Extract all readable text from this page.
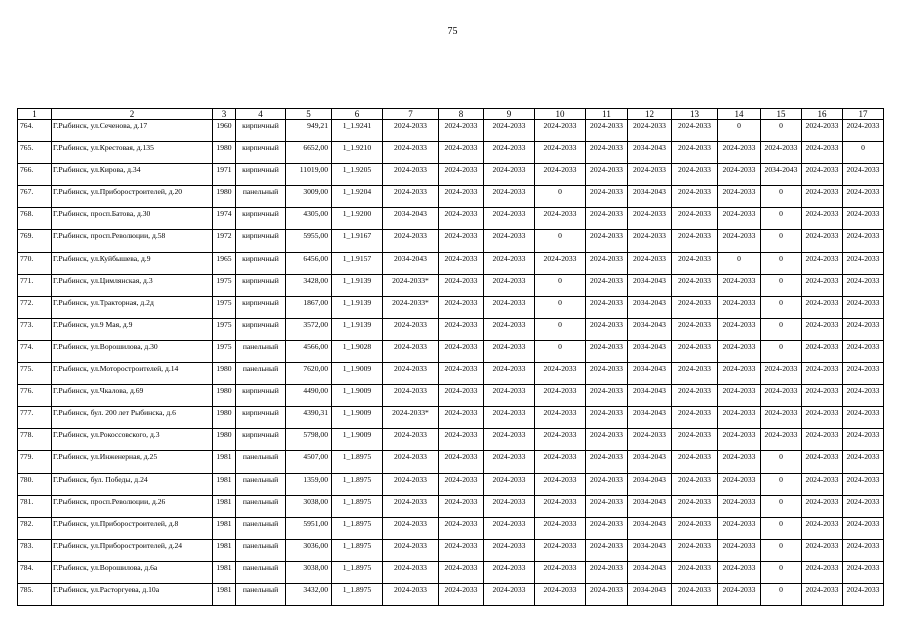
75
1	2	3	4	5	6	7	8	9	10	11	12	13	14	15	16	17
764.	Г.Рыбинск, ул.Сеченова, д.17	1960	кирпичный	949,21	1_1.9241	2024-2033	2024-2033	2024-2033	2024-2033	2024-2033	2024-2033	2024-2033	0	0	2024-2033	2024-2033
765.	Г.Рыбинск, ул.Крестовая, д.135	1980	кирпичный	6652,00	1_1.9210	2024-2033	2024-2033	2024-2033	2024-2033	2024-2033	2034-2043	2024-2033	2024-2033	2024-2033	2024-2033	0
766.	Г.Рыбинск, ул.Кирова, д.34	1971	кирпичный	11019,00	1_1.9205	2024-2033	2024-2033	2024-2033	2024-2033	2024-2033	2024-2033	2024-2033	2024-2033	2034-2043	2024-2033	2024-2033
767.	Г.Рыбинск, ул.Приборостроителей, д.20	1980	панельный	3009,00	1_1.9204	2024-2033	2024-2033	2024-2033	0	2024-2033	2034-2043	2024-2033	2024-2033	0	2024-2033	2024-2033
768.	Г.Рыбинск, просп.Батова, д.30	1974	кирпичный	4305,00	1_1.9200	2034-2043	2024-2033	2024-2033	2024-2033	2024-2033	2024-2033	2024-2033	2024-2033	0	2024-2033	2024-2033
769.	Г.Рыбинск, просп.Революции, д.58	1972	кирпичный	5955,00	1_1.9167	2024-2033	2024-2033	2024-2033	0	2024-2033	2024-2033	2024-2033	2024-2033	0	2024-2033	2024-2033
770.	Г.Рыбинск, ул.Куйбышева, д.9	1965	кирпичный	6456,00	1_1.9157	2034-2043	2024-2033	2024-2033	2024-2033	2024-2033	2024-2033	2024-2033	0	0	2024-2033	2024-2033
771.	Г.Рыбинск, ул.Цимлянская, д.3	1975	кирпичный	3428,00	1_1.9139	2024-2033*	2024-2033	2024-2033	0	2024-2033	2034-2043	2024-2033	2024-2033	0	2024-2033	2024-2033
772.	Г.Рыбинск, ул.Тракторная, д.2д	1975	кирпичный	1867,00	1_1.9139	2024-2033*	2024-2033	2024-2033	0	2024-2033	2034-2043	2024-2033	2024-2033	0	2024-2033	2024-2033
773.	Г.Рыбинск, ул.9 Мая, д.9	1975	кирпичный	3572,00	1_1.9139	2024-2033	2024-2033	2024-2033	0	2024-2033	2034-2043	2024-2033	2024-2033	0	2024-2033	2024-2033
774.	Г.Рыбинск, ул.Ворошилова, д.30	1975	панельный	4566,00	1_1.9028	2024-2033	2024-2033	2024-2033	0	2024-2033	2034-2043	2024-2033	2024-2033	0	2024-2033	2024-2033
775.	Г.Рыбинск, ул.Моторостроителей, д.14	1980	панельный	7620,00	1_1.9009	2024-2033	2024-2033	2024-2033	2024-2033	2024-2033	2034-2043	2024-2033	2024-2033	2024-2033	2024-2033	2024-2033
776.	Г.Рыбинск, ул.Чкалова, д.69	1980	кирпичный	4490,00	1_1.9009	2024-2033	2024-2033	2024-2033	2024-2033	2024-2033	2034-2043	2024-2033	2024-2033	2024-2033	2024-2033	2024-2033
777.	Г.Рыбинск, бул. 200 лет Рыбинска, д.6	1980	кирпичный	4390,31	1_1.9009	2024-2033*	2024-2033	2024-2033	2024-2033	2024-2033	2034-2043	2024-2033	2024-2033	2024-2033	2024-2033	2024-2033
778.	Г.Рыбинск, ул.Рокоссовского, д.3	1980	кирпичный	5798,00	1_1.9009	2024-2033	2024-2033	2024-2033	2024-2033	2024-2033	2024-2033	2024-2033	2024-2033	2024-2033	2024-2033	2024-2033
779.	Г.Рыбинск, ул.Инженерная, д.25	1981	панельный	4507,00	1_1.8975	2024-2033	2024-2033	2024-2033	2024-2033	2024-2033	2034-2043	2024-2033	2024-2033	0	2024-2033	2024-2033
780.	Г.Рыбинск, бул. Победы, д.24	1981	панельный	1359,00	1_1.8975	2024-2033	2024-2033	2024-2033	2024-2033	2024-2033	2034-2043	2024-2033	2024-2033	0	2024-2033	2024-2033
781.	Г.Рыбинск, просп.Революции, д.26	1981	панельный	3038,00	1_1.8975	2024-2033	2024-2033	2024-2033	2024-2033	2024-2033	2034-2043	2024-2033	2024-2033	0	2024-2033	2024-2033
782.	Г.Рыбинск, ул.Приборостроителей, д.8	1981	панельный	5951,00	1_1.8975	2024-2033	2024-2033	2024-2033	2024-2033	2024-2033	2034-2043	2024-2033	2024-2033	0	2024-2033	2024-2033
783.	Г.Рыбинск, ул.Приборостроителей, д.24	1981	панельный	3036,00	1_1.8975	2024-2033	2024-2033	2024-2033	2024-2033	2024-2033	2034-2043	2024-2033	2024-2033	0	2024-2033	2024-2033
784.	Г.Рыбинск, ул.Ворошилова, д.6а	1981	панельный	3038,00	1_1.8975	2024-2033	2024-2033	2024-2033	2024-2033	2024-2033	2034-2043	2024-2033	2024-2033	0	2024-2033	2024-2033
785.	Г.Рыбинск, ул.Расторгуева, д.10а	1981	панельный	3432,00	1_1.8975	2024-2033	2024-2033	2024-2033	2024-2033	2024-2033	2034-2043	2024-2033	2024-2033	0	2024-2033	2024-2033
